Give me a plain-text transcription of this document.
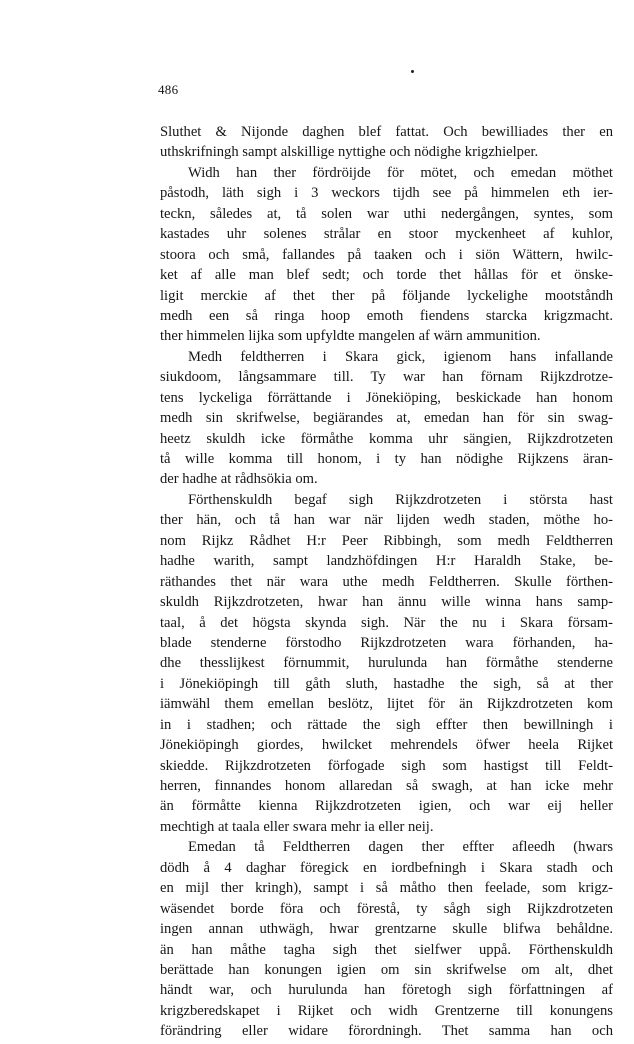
486
Sluthet & Nijonde daghen blef fattat. Och bewilliades ther en
uthskrifningh sampt alskillige nyttighe och nödighe krigzhielper.
Widh han ther fördröijde för mötet, och emedan möthet
påstodh, läth sigh i 3 weckors tijdh see på himmelen eth ier-
teckn, således at, tå solen war uthi nedergången, syntes, som
kastades uhr solenes strålar en stoor myckenheet af kuhlor,
stoora och små, fallandes på taaken och i siön Wättern, hwilc-
ket af alle man blef sedt; och torde thet hållas för et önske-
ligit merckie af thet ther på följande lyckelighe mootståndh
medh een så ringa hoop emoth fiendens starcka krigzmacht.
ther himmelen lijka som upfyldte mangelen af wärn ammunition.
Medh feldtherren i Skara gick, igienom hans infallande
siukdoom, långsammare till. Ty war han förnam Rijkzdrotze-
tens lyckeliga förrättande i Jönekiöping, beskickade han honom
medh sin skrifwelse, begiärandes at, emedan han för sin swag-
heetz skuldh icke förmåthe komma uhr sängien, Rijkzdrotzeten
tå wille komma till honom, i ty han nödighe Rijkzens äran-
der hadhe at rådhsökia om.
Förthenskuldh begaf sigh Rijkzdrotzeten i största hast
ther hän, och tå han war när lijden wedh staden, möthe ho-
nom Rijkz Rådhet H:r Peer Ribbingh, som medh Feldtherren
hadhe warith, sampt landzhöfdingen H:r Haraldh Stake, be-
räthandes thet när wara uthe medh Feldtherren. Skulle förthen-
skuldh Rijkzdrotzeten, hwar han ännu wille winna hans samp-
taal, å det högsta skynda sigh. När the nu i Skara försam-
blade stenderne förstodho Rijkzdrotzeten wara förhanden, ha-
dhe thesslijkest förnummit, hurulunda han förmåthe stenderne
i Jönekiöpingh till gåth sluth, hastadhe the sigh, så at ther
iämwähl them emellan beslötz, lijtet för än Rijkzdrotzeten kom
in i stadhen; och rättade the sigh effter then bewillningh i
Jönekiöpingh giordes, hwilcket mehrendels öfwer heela Rijket
skiedde. Rijkzdrotzeten förfogade sigh som hastigst till Feldt-
herren, finnandes honom allaredan så swagh, at han icke mehr
än förmåtte kienna Rijkzdrotzeten igien, och war eij heller
mechtigh at taala eller swara mehr ia eller neij.
Emedan tå Feldtherren dagen ther effter afleedh (hwars
dödh å 4 daghar föregick en iordbefningh i Skara stadh och
en mijl ther kringh), sampt i så måtho then feelade, som krigz-
wäsendet borde föra och förestå, ty sågh sigh Rijkzdrotzeten
ingen annan uthwägh, hwar grentzarne skulle blifwa behåldne.
än han måthe tagha sigh thet sielfwer uppå. Förthenskuldh
berättade han konungen igien om sin skrifwelse om alt, dhet
händt war, och hurulunda han företogh sigh författningen af
krigzberedskapet i Rijket och widh Grentzerne till konungens
förändring eller widare förordningh. Thet samma han och
